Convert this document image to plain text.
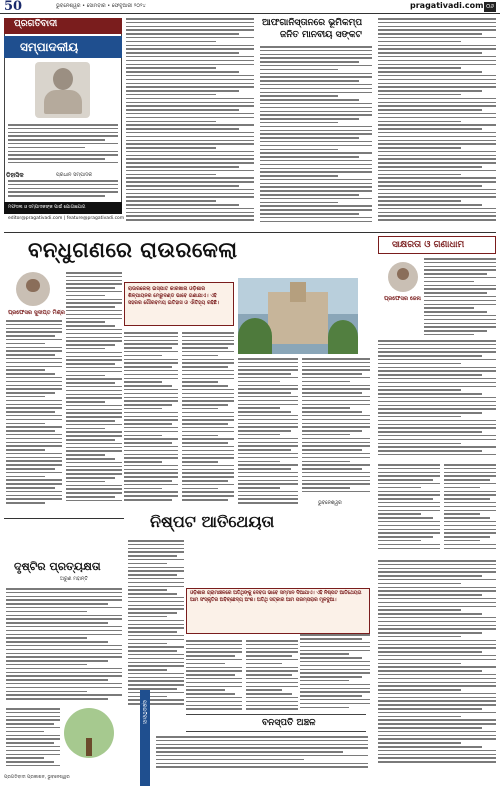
50	ଭୁବନେଶ୍ୱର • ସୋମବାର • ଫେବୃଆରୀ ୨୦୨୪	pragativadi.com ୦୬
ପ୍ରଗତିବାଦୀ
ସମ୍ପାଦକୀୟ
ଡିହାସିକ	ପ୍ରଧାନ ସମ୍ପାଦକ
ମଫସଲ ଓ ସମ୍ପାଦକଙ୍କ ପାଇଁ ଯୋଗାଯୋଗ
editor@pragativadi.com | feature@pragativadi.com
ଆଫଗାନିସ୍ତାନରେ ଭୂମିକମ୍ପ
ଜନିତ ମାନବୀୟ ସଙ୍କଟ
ବନ୍ଧୁଗଣରେ ରାଉରକେଲା
ପ୍ରଫେସର ସୁଦୀପ୍ତ ମିଶ୍ର
ରାଉରକେଲା ଇସ୍ପାତ କାରଖାନା ଓଡ଼ିଶାର ଶିଳ୍ପାୟନର ମେରୁଦଣ୍ଡ ଭାବେ ଗଣାଯାଏ। ଏହି ସହରର ଗୌରବମୟ ଇତିହାସ ଓ ଐତିହ୍ୟ ରହିଛି।
ଭୁବନେଶ୍ୱର
ସାକ୍ଷରତା ଓ ଗଣାଧାମ
ପ୍ରଫେସର ଜେନା
ନିଷ୍ପଟ ଆତିଥେୟତା
ଓଡ଼ିଶାର ଗ୍ରାମାଞ୍ଚଳରେ ଅତିଥିଙ୍କୁ ଦେବତା ଭାବେ ସମ୍ମାନ ଦିଆଯାଏ। ଏହି ନିଷ୍ପଟ ଆତିଥେୟତା ଆମ ସଂସ୍କୃତିର ଅବିଚ୍ଛେଦ୍ୟ ଅଂଶ। ଅତିଥି ସତ୍କାର ଆମ ପରମ୍ପରାର ମୂଳଦୁଆ।
ଦୃଷ୍ଟିର ପ୍ରତ୍ୟକ୍ଷତା
ଅରୁଣ ମହାନ୍ତି
ପ୍ରଗତିବାଦୀ	ବନସ୍ପତି ଅଞ୍ଚଳ
ପ୍ରଗତିବାଦୀ ପ୍ରକାଶନ, ଭୁବନେଶ୍ୱର
